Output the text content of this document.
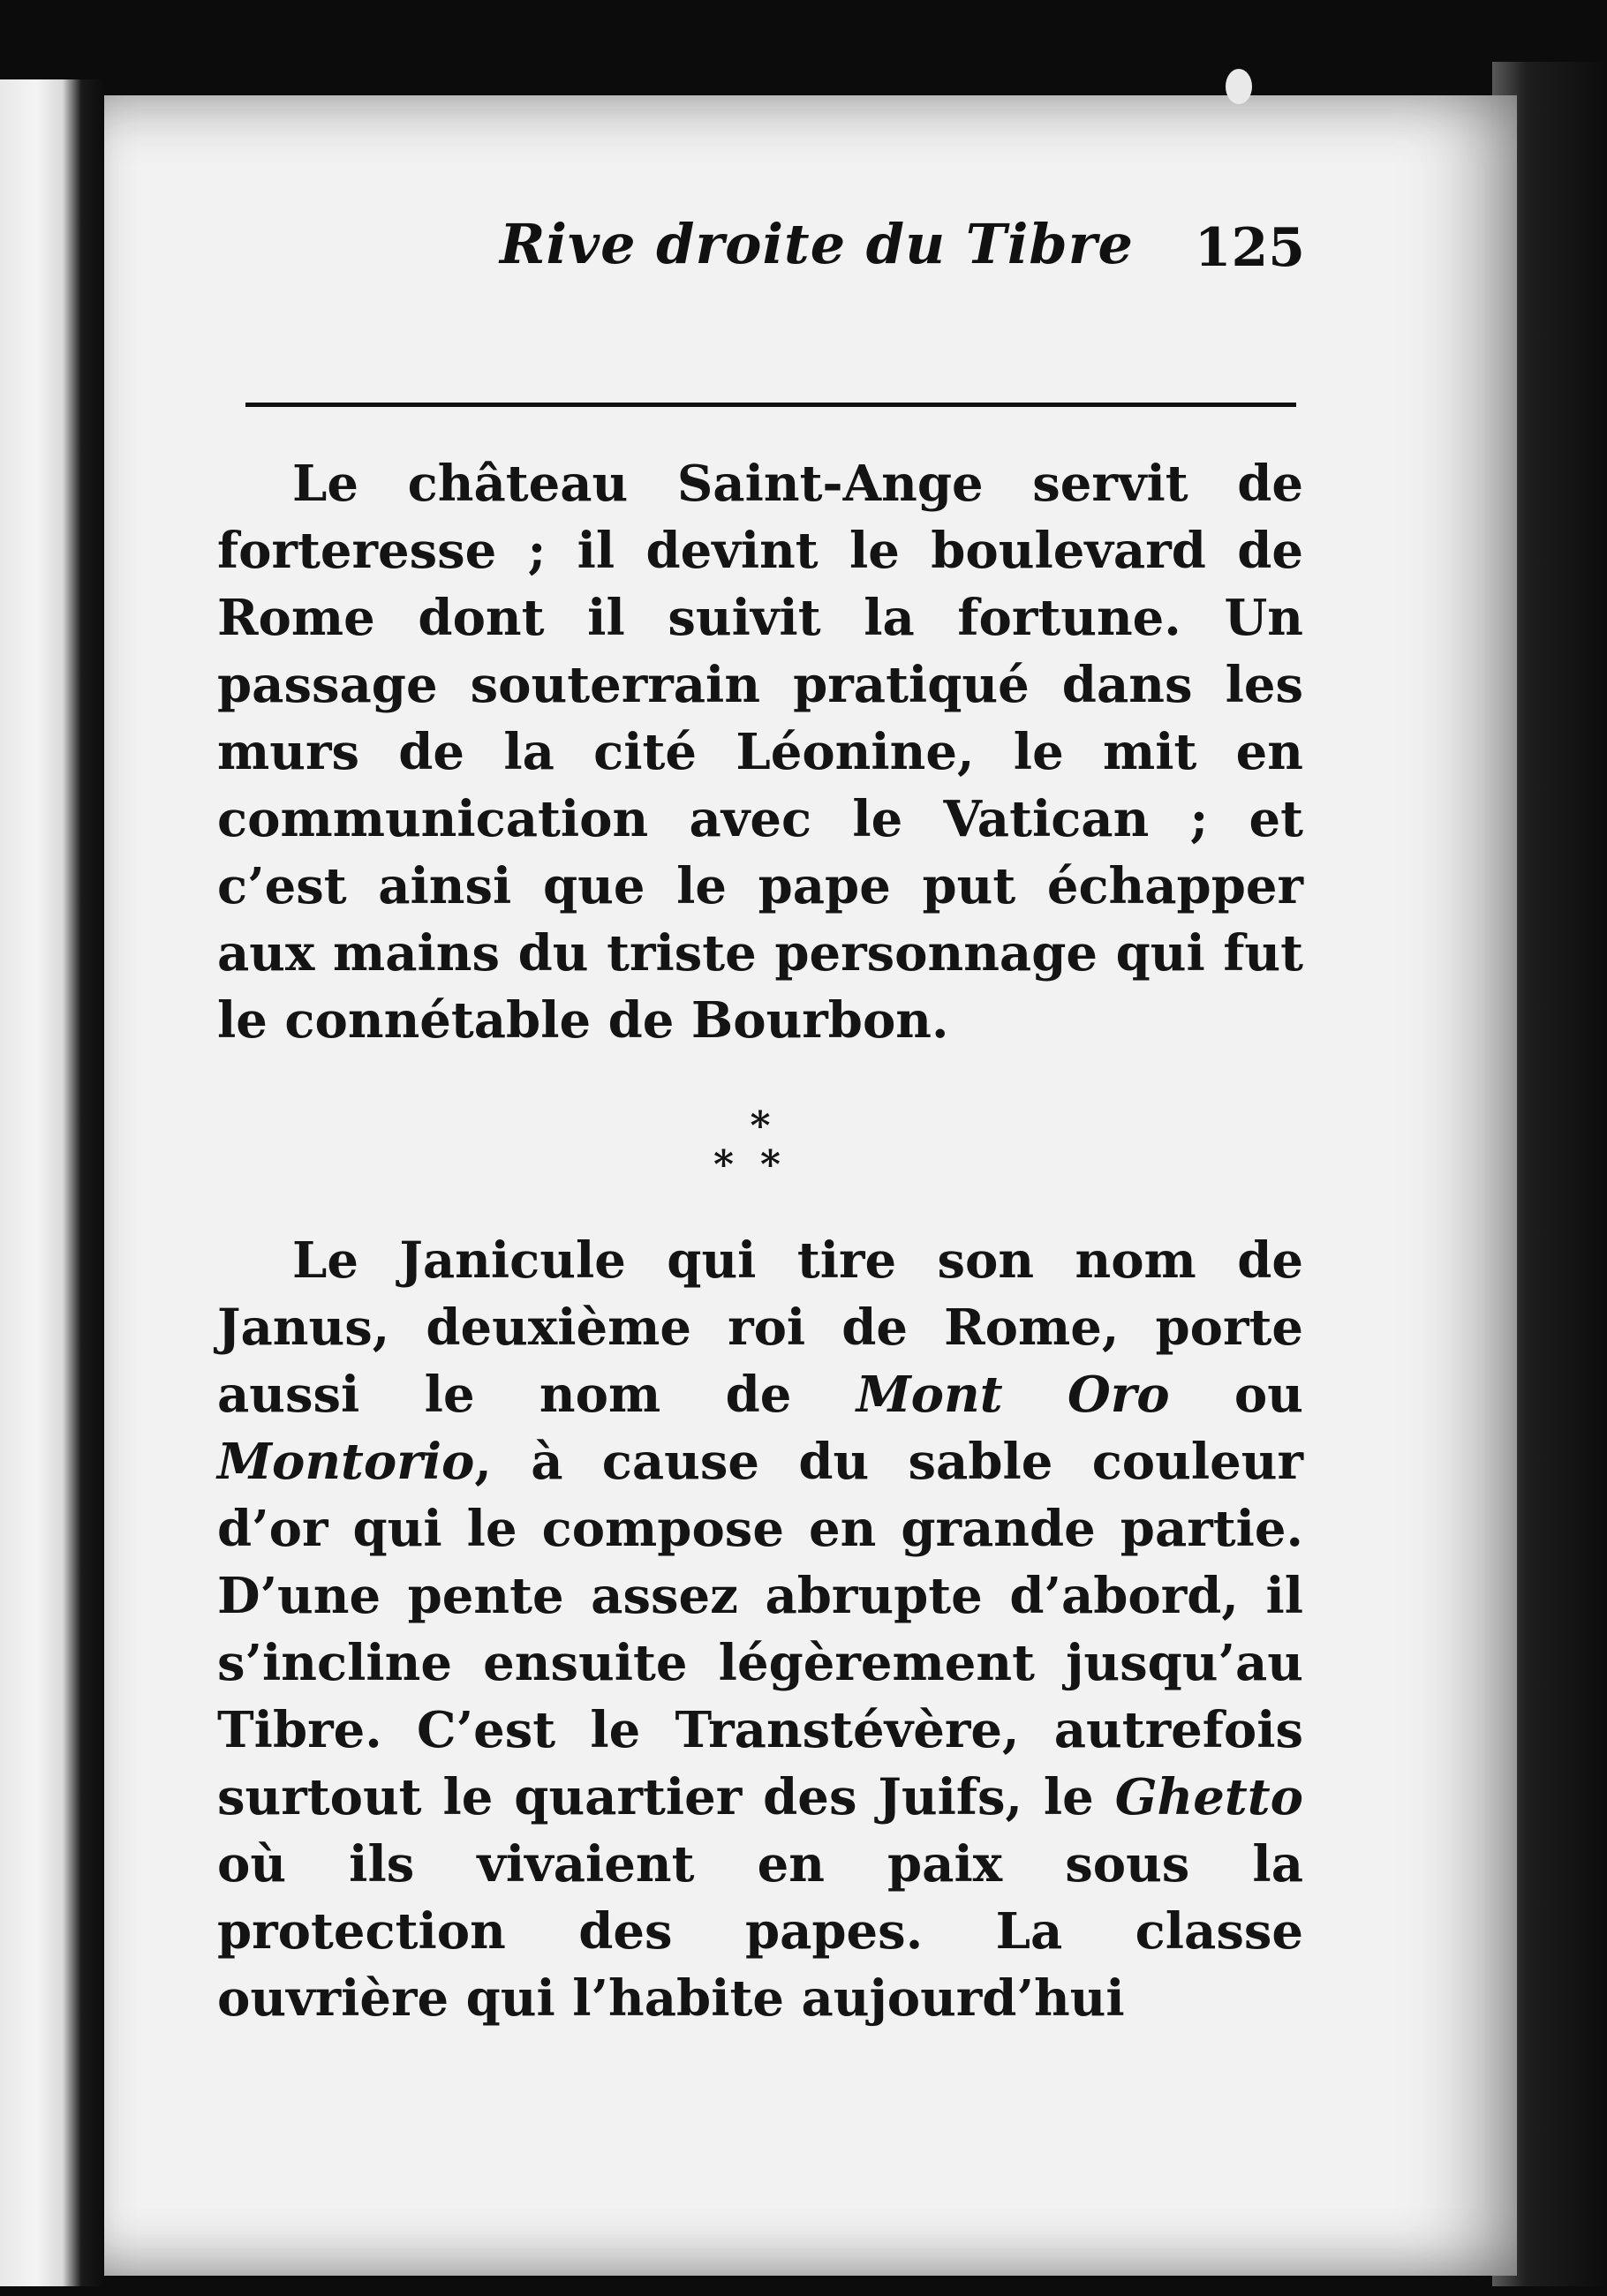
Rive droite du Tibre 125

Le château Saint-Ange servit de forteresse ; il devint le boulevard de Rome dont il suivit la fortune. Un passage souterrain pratiqué dans les murs de la cité Léonine, le mit en communication avec le Vatican ; et c’est ainsi que le pape put échapper aux mains du triste personnage qui fut le connétable de Bourbon.

*
**

Le Janicule qui tire son nom de Janus, deuxième roi de Rome, porte aussi le nom de Mont Oro ou Montorio, à cause du sable couleur d’or qui le compose en grande partie. D’une pente assez abrupte d’abord, il s’incline ensuite légèrement jusqu’au Tibre. C’est le Transtévère, autrefois surtout le quartier des Juifs, le Ghetto où ils vivaient en paix sous la protection des papes. La classe ouvrière qui l’habite aujourd’hui
